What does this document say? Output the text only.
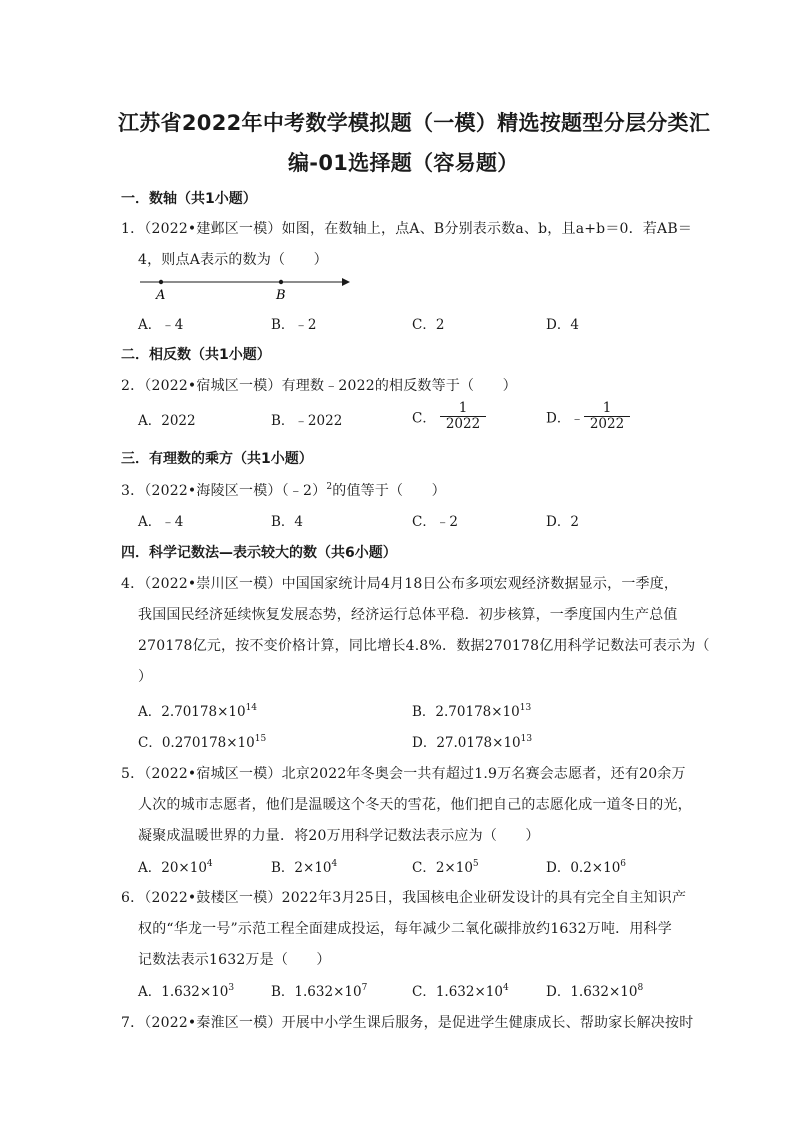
江苏省2022年中考数学模拟题（一模）精选按题型分层分类汇
编-01选择题（容易题）
一．数轴（共1小题）
1．（2022•建邺区一模）如图，在数轴上，点A、B分别表示数a、b，且a+b＝0．若AB＝
4，则点A表示的数为（　　）
A	B
A．﹣4	B．﹣2	C．2	D．4
二．相反数（共1小题）
2．（2022•宿城区一模）有理数﹣2022的相反数等于（　　）
A．2022	B．﹣2022	C． $\frac{1}{2022}$	D．﹣ $\frac{1}{2022}$
三．有理数的乘方（共1小题）
3．（2022•海陵区一模）（﹣2）$^2$的值等于（　　）
A．﹣4	B．4	C．﹣2	D．2
四．科学记数法—表示较大的数（共6小题）
4．（2022•崇川区一模）中国国家统计局4月18日公布多项宏观经济数据显示，一季度，
我国国民经济延续恢复发展态势，经济运行总体平稳．初步核算，一季度国内生产总值
270178亿元，按不变价格计算，同比增长4.8%．数据270178亿用科学记数法可表示为（
）
A．$2.70178\times 10^{14}$	B．$2.70178\times 10^{13}$
C．$0.270178\times 10^{15}$	D．$27.0178\times 10^{13}$
5．（2022•宿城区一模）北京2022年冬奥会一共有超过1.9万名赛会志愿者，还有20余万
人次的城市志愿者，他们是温暖这个冬天的雪花，他们把自己的志愿化成一道冬日的光，
凝聚成温暖世界的力量．将20万用科学记数法表示应为（　　）
A．$20\times 10^4$	B．$2\times 10^4$	C．$2\times 10^5$	D．$0.2\times 10^6$
6．（2022•鼓楼区一模）2022年3月25日，我国核电企业研发设计的具有完全自主知识产
权的“华龙一号”示范工程全面建成投运，每年减少二氧化碳排放约1632万吨．用科学
记数法表示1632万是（　　）
A．$1.632\times 10^3$	B．$1.632\times 10^7$	C．$1.632\times 10^4$	D．$1.632\times 10^8$
7．（2022•秦淮区一模）开展中小学生课后服务，是促进学生健康成长、帮助家长解决按时
